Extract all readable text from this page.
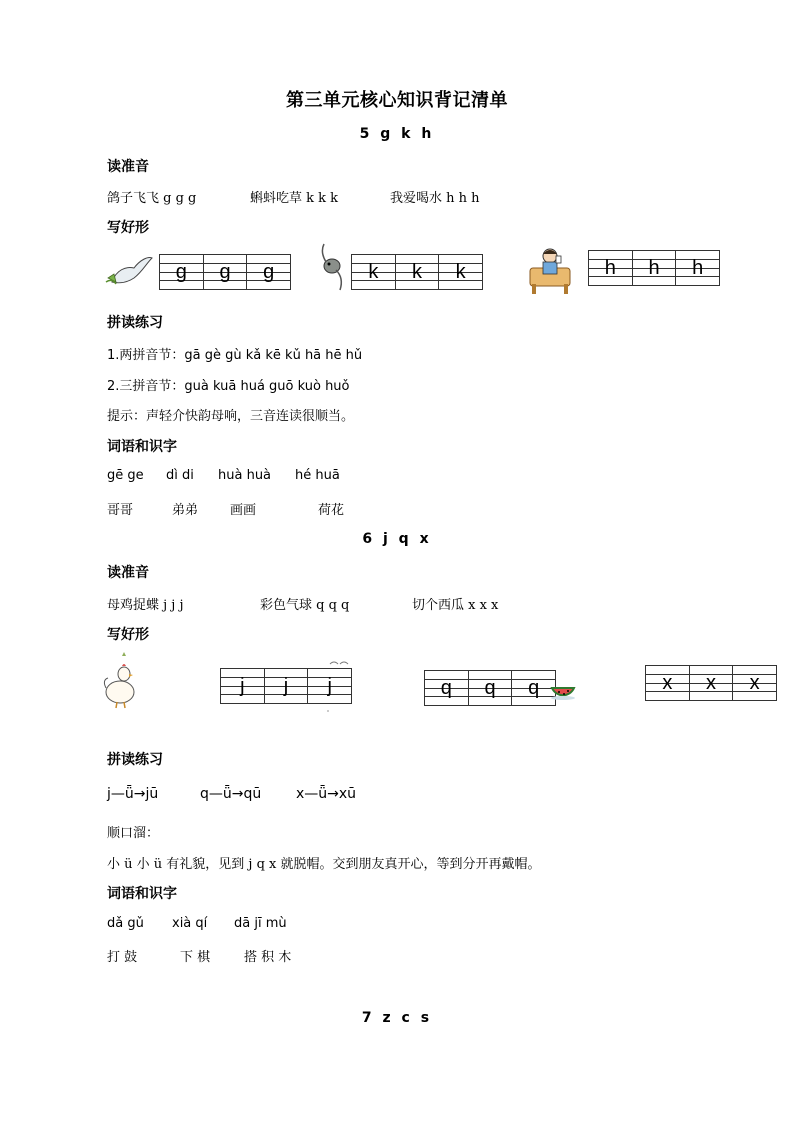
第三单元核心知识背记清单
5 g k h
读准音
鸽子飞飞 g g g	蝌蚪吃草 k k k	我爱喝水 h h h
写好形
g	g	g	k	k	k	h	h	h
拼读练习
1.两拼音节：gā gè gù kǎ kē kǔ hā hē hǔ
2.三拼音节：guà kuā huá guō kuò huǒ
提示：声轻介快韵母响，三音连读很顺当。
词语和识字
gē ge dì di huà huà hé huā
哥哥	弟弟 画画	荷花
6 j q x
读准音
母鸡捉蝶 j j j	彩色气球 q q q	切个西瓜 x x x
写好形
j	j	j	q	q	q	x	x	x
拼读练习
j—ǖ→jū	q—ǖ→qū x—ǖ→xū
顺口溜：
小 ü 小 ü 有礼貌，见到 j q x 就脱帽。交到朋友真开心，等到分开再戴帽。
词语和识字
dǎ gǔ xià qí dā jī mù
打 鼓	下 棋	搭 积 木
7 z c s
